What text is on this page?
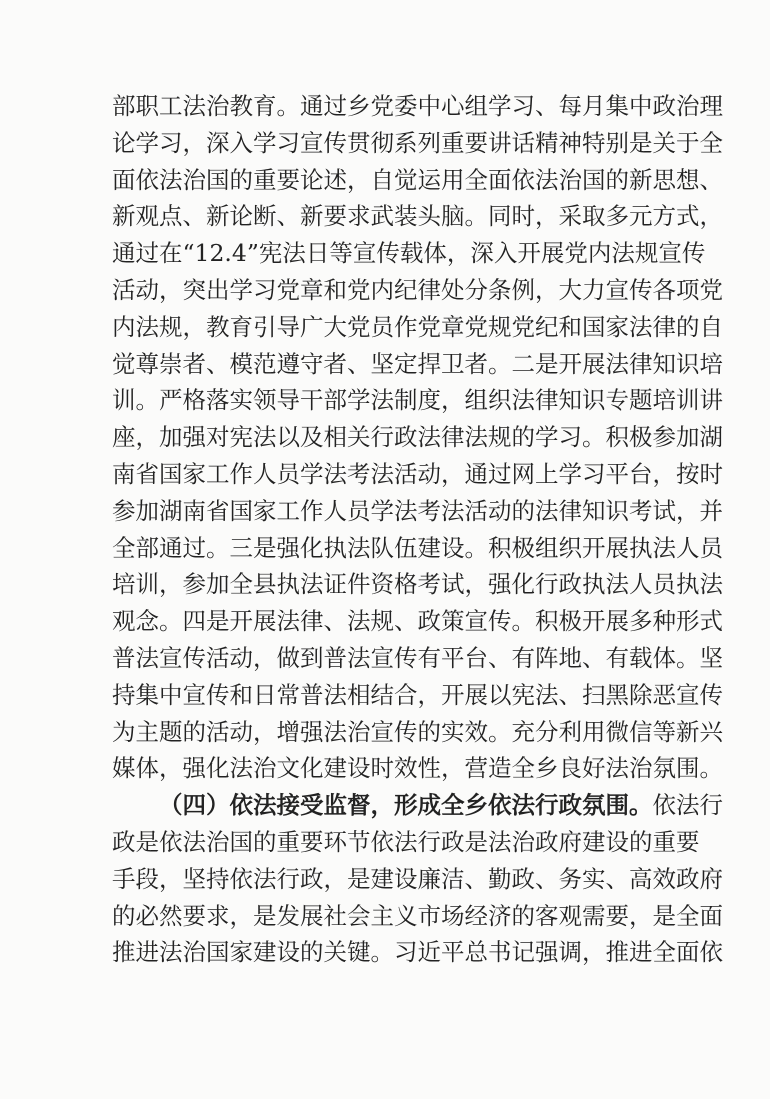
部职工法治教育。通过乡党委中心组学习、每月集中政治理
论学习，深入学习宣传贯彻系列重要讲话精神特别是关于全
面依法治国的重要论述，自觉运用全面依法治国的新思想、
新观点、新论断、新要求武装头脑。同时，采取多元方式，
通过在“12.4”宪法日等宣传载体，深入开展党内法规宣传
活动，突出学习党章和党内纪律处分条例，大力宣传各项党
内法规，教育引导广大党员作党章党规党纪和国家法律的自
觉尊崇者、模范遵守者、坚定捍卫者。二是开展法律知识培
训。严格落实领导干部学法制度，组织法律知识专题培训讲
座，加强对宪法以及相关行政法律法规的学习。积极参加湖
南省国家工作人员学法考法活动，通过网上学习平台，按时
参加湖南省国家工作人员学法考法活动的法律知识考试，并
全部通过。三是强化执法队伍建设。积极组织开展执法人员
培训，参加全县执法证件资格考试，强化行政执法人员执法
观念。四是开展法律、法规、政策宣传。积极开展多种形式
普法宣传活动，做到普法宣传有平台、有阵地、有载体。坚
持集中宣传和日常普法相结合，开展以宪法、扫黑除恶宣传
为主题的活动，增强法治宣传的实效。充分利用微信等新兴
媒体，强化法治文化建设时效性，营造全乡良好法治氛围。
（四）依法接受监督，形成全乡依法行政氛围。依法行
政是依法治国的重要环节依法行政是法治政府建设的重要
手段，坚持依法行政，是建设廉洁、勤政、务实、高效政府
的必然要求，是发展社会主义市场经济的客观需要，是全面
推进法治国家建设的关键。习近平总书记强调，推进全面依
